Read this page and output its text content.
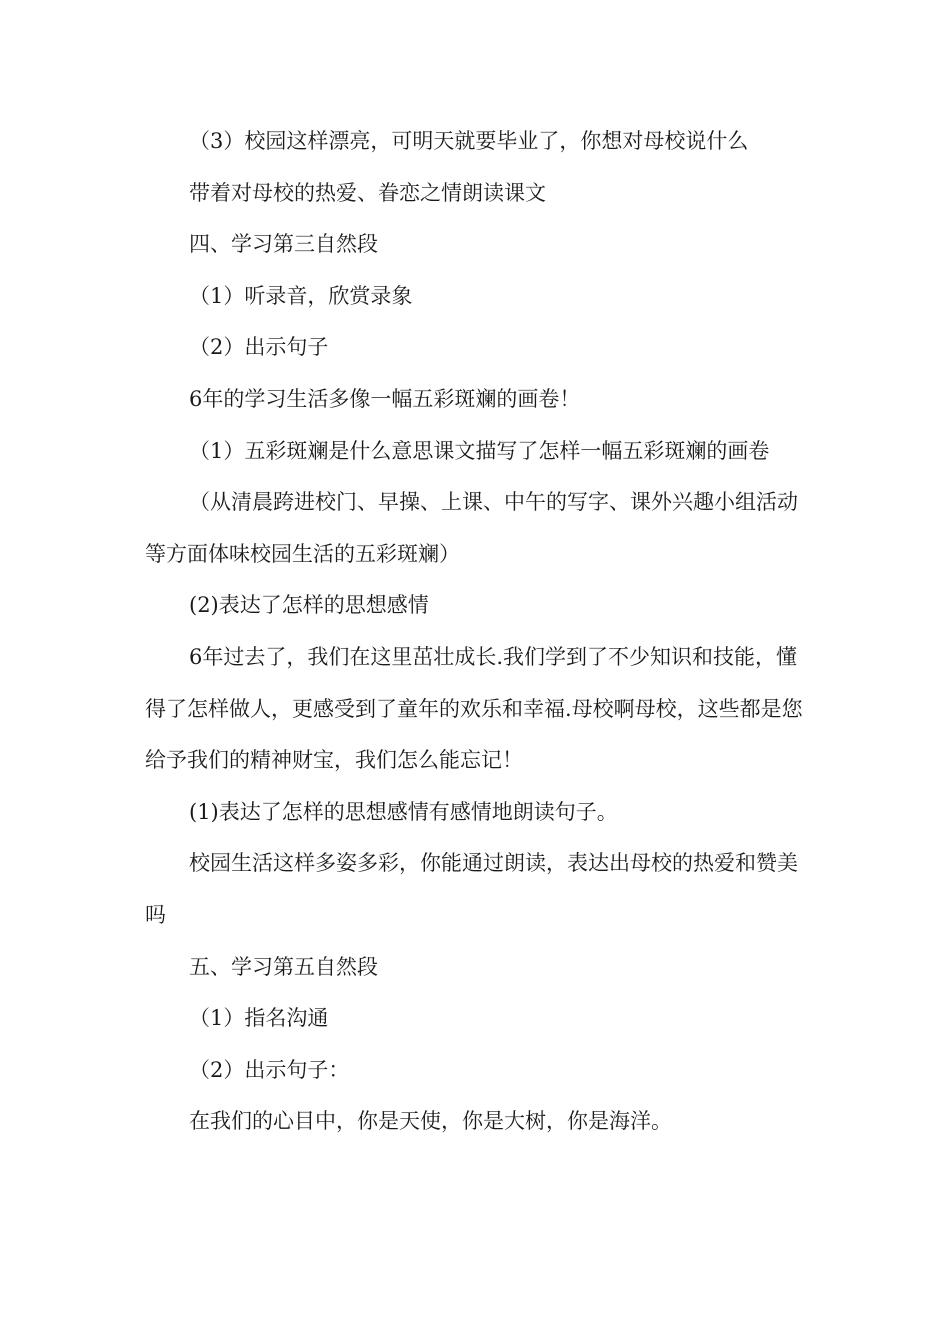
（3）校园这样漂亮，可明天就要毕业了，你想对母校说什么

带着对母校的热爱、眷恋之情朗读课文

四、学习第三自然段

（1）听录音，欣赏录象

（2）出示句子

6年的学习生活多像一幅五彩斑斓的画卷！

（1）五彩斑斓是什么意思课文描写了怎样一幅五彩斑斓的画卷

（从清晨跨进校门、早操、上课、中午的写字、课外兴趣小组活动等方面体味校园生活的五彩斑斓）

(2)表达了怎样的思想感情

6年过去了，我们在这里茁壮成长.我们学到了不少知识和技能，懂得了怎样做人，更感受到了童年的欢乐和幸福.母校啊母校，这些都是您给予我们的精神财宝，我们怎么能忘记！

(1)表达了怎样的思想感情有感情地朗读句子。

校园生活这样多姿多彩，你能通过朗读，表达出母校的热爱和赞美吗

五、学习第五自然段

（1）指名沟通

（2）出示句子：

在我们的心目中，你是天使，你是大树，你是海洋。
